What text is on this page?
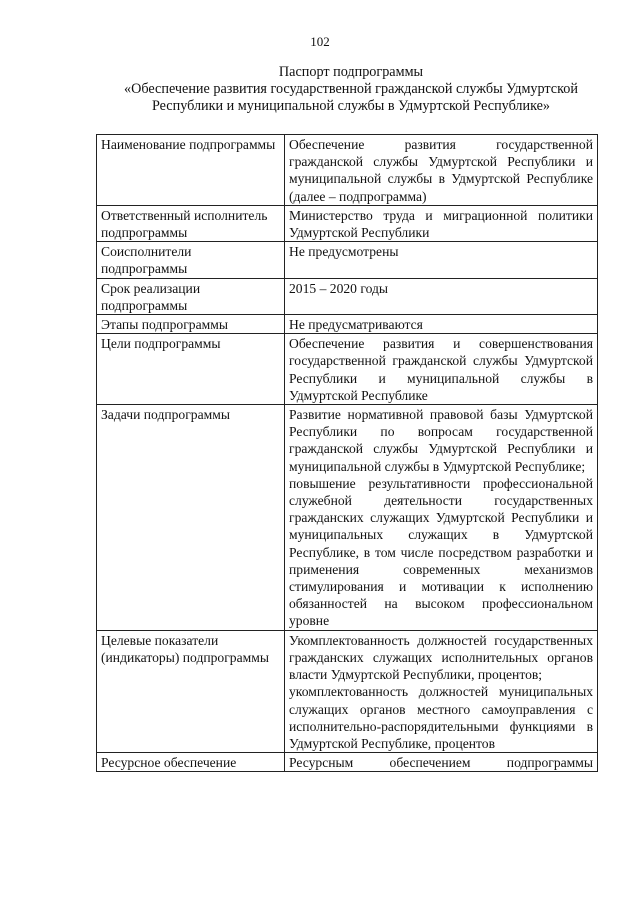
102
Паспорт подпрограммы
«Обеспечение развития государственной гражданской службы Удмуртской
Республики и муниципальной службы в Удмуртской Республике»
Наименование подпрограммы	Обеспечение развития государственной гражданской службы Удмуртской Республики и муниципальной службы в Удмуртской Республике (далее – подпрограмма)

Ответственный исполнитель подпрограммы	Министерство труда и миграционной политики Удмуртской Республики

Соисполнители подпрограммы	Не предусмотрены

Срок реализации подпрограммы	2015 – 2020 годы

Этапы подпрограммы	Не предусматриваются

Цели подпрограммы	Обеспечение развития и совершенствования государственной гражданской службы Удмуртской Республики и муниципальной службы в Удмуртской Республике

Задачи подпрограммы	Развитие нормативной правовой базы Удмуртской Республики по вопросам государственной гражданской службы Удмуртской Республики и муниципальной службы в Удмуртской Республике;

повышение результативности профессиональной служебной деятельности государственных гражданских служащих Удмуртской Республики и муниципальных служащих в Удмуртской Республике, в том числе посредством разработки и применения современных механизмов стимулирования и мотивации к исполнению обязанностей на высоком профессиональном уровне

Целевые показатели (индикаторы) подпрограммы	Укомплектованность должностей государственных гражданских служащих исполнительных органов власти Удмуртской Республики, процентов;

укомплектованность должностей муниципальных служащих органов местного самоуправления с исполнительно-распорядительными функциями в Удмуртской Республике, процентов

Ресурсное обеспечение	Ресурсным обеспечением подпрограммы
